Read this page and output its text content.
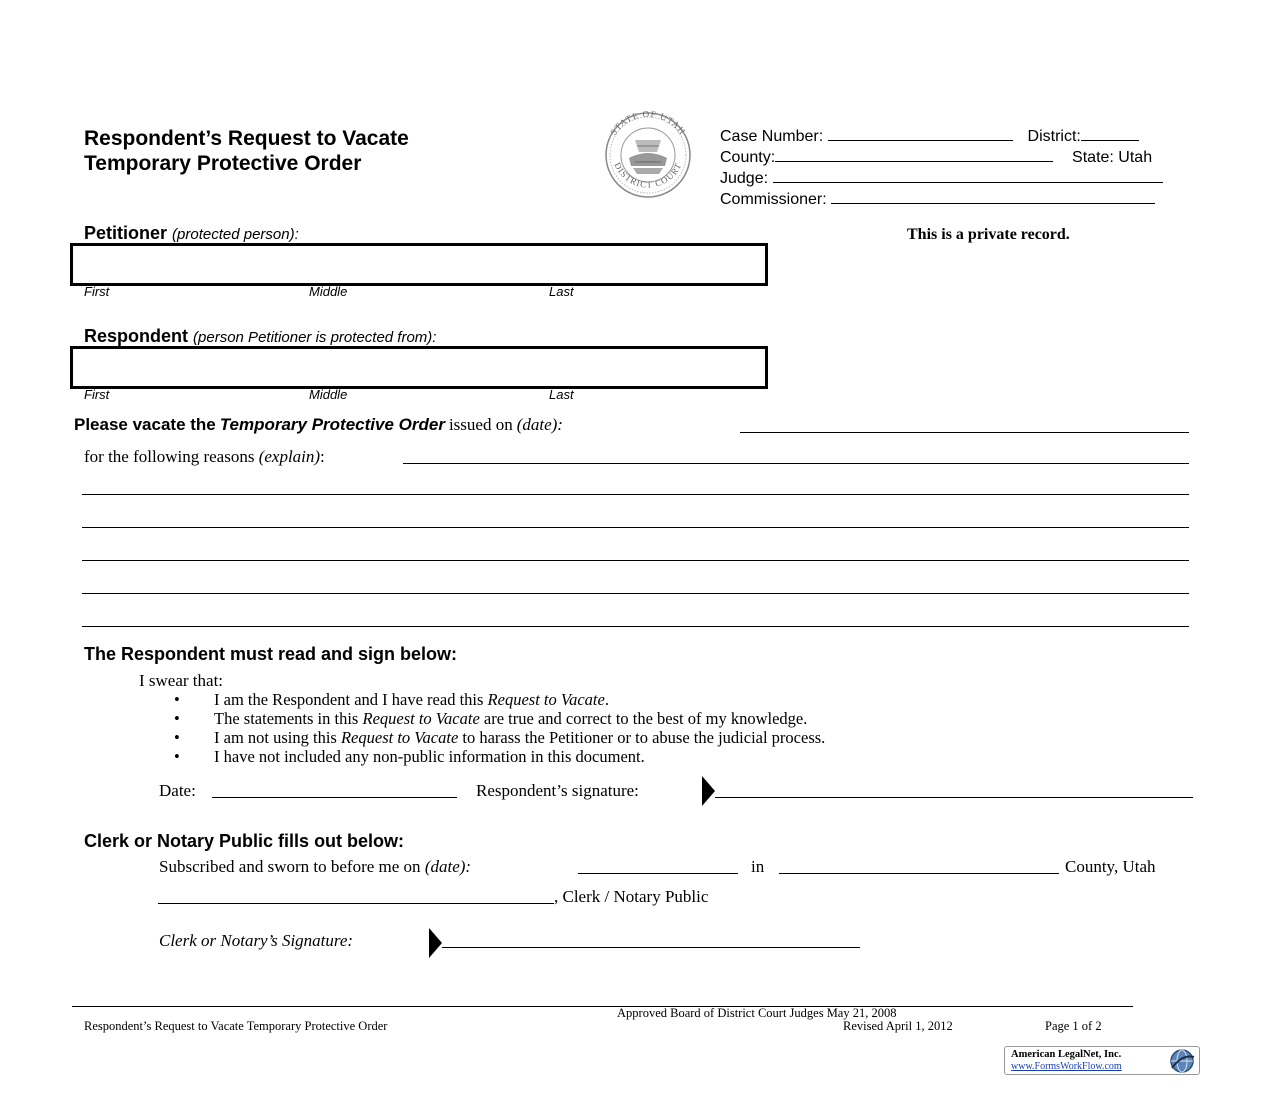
Respondent’s Request to Vacate
Temporary Protective Order
STATE OF UTAH
DISTRICT COURT
Case Number:	District:
County:	State: Utah
Judge:
Commissioner:
This is a private record.
Petitioner (protected person):
First	Middle	Last
Respondent (person Petitioner is protected from):
First	Middle	Last
Please vacate the Temporary Protective Order issued on (date):
for the following reasons (explain):
The Respondent must read and sign below:
I swear that:
• I am the Respondent and I have read this Request to Vacate.
• The statements in this Request to Vacate are true and correct to the best of my knowledge.
• I am not using this Request to Vacate to harass the Petitioner or to abuse the judicial process.
• I have not included any non-public information in this document.
Date:	Respondent’s signature:
Clerk or Notary Public fills out below:
Subscribed and sworn to before me on (date):	in	County, Utah
, Clerk / Notary Public
Clerk or Notary’s Signature:
Approved Board of District Court Judges May 21, 2008
Respondent’s Request to Vacate Temporary Protective Order	Revised April 1, 2012	Page 1 of 2
American LegalNet, Inc.
www.FormsWorkFlow.com
